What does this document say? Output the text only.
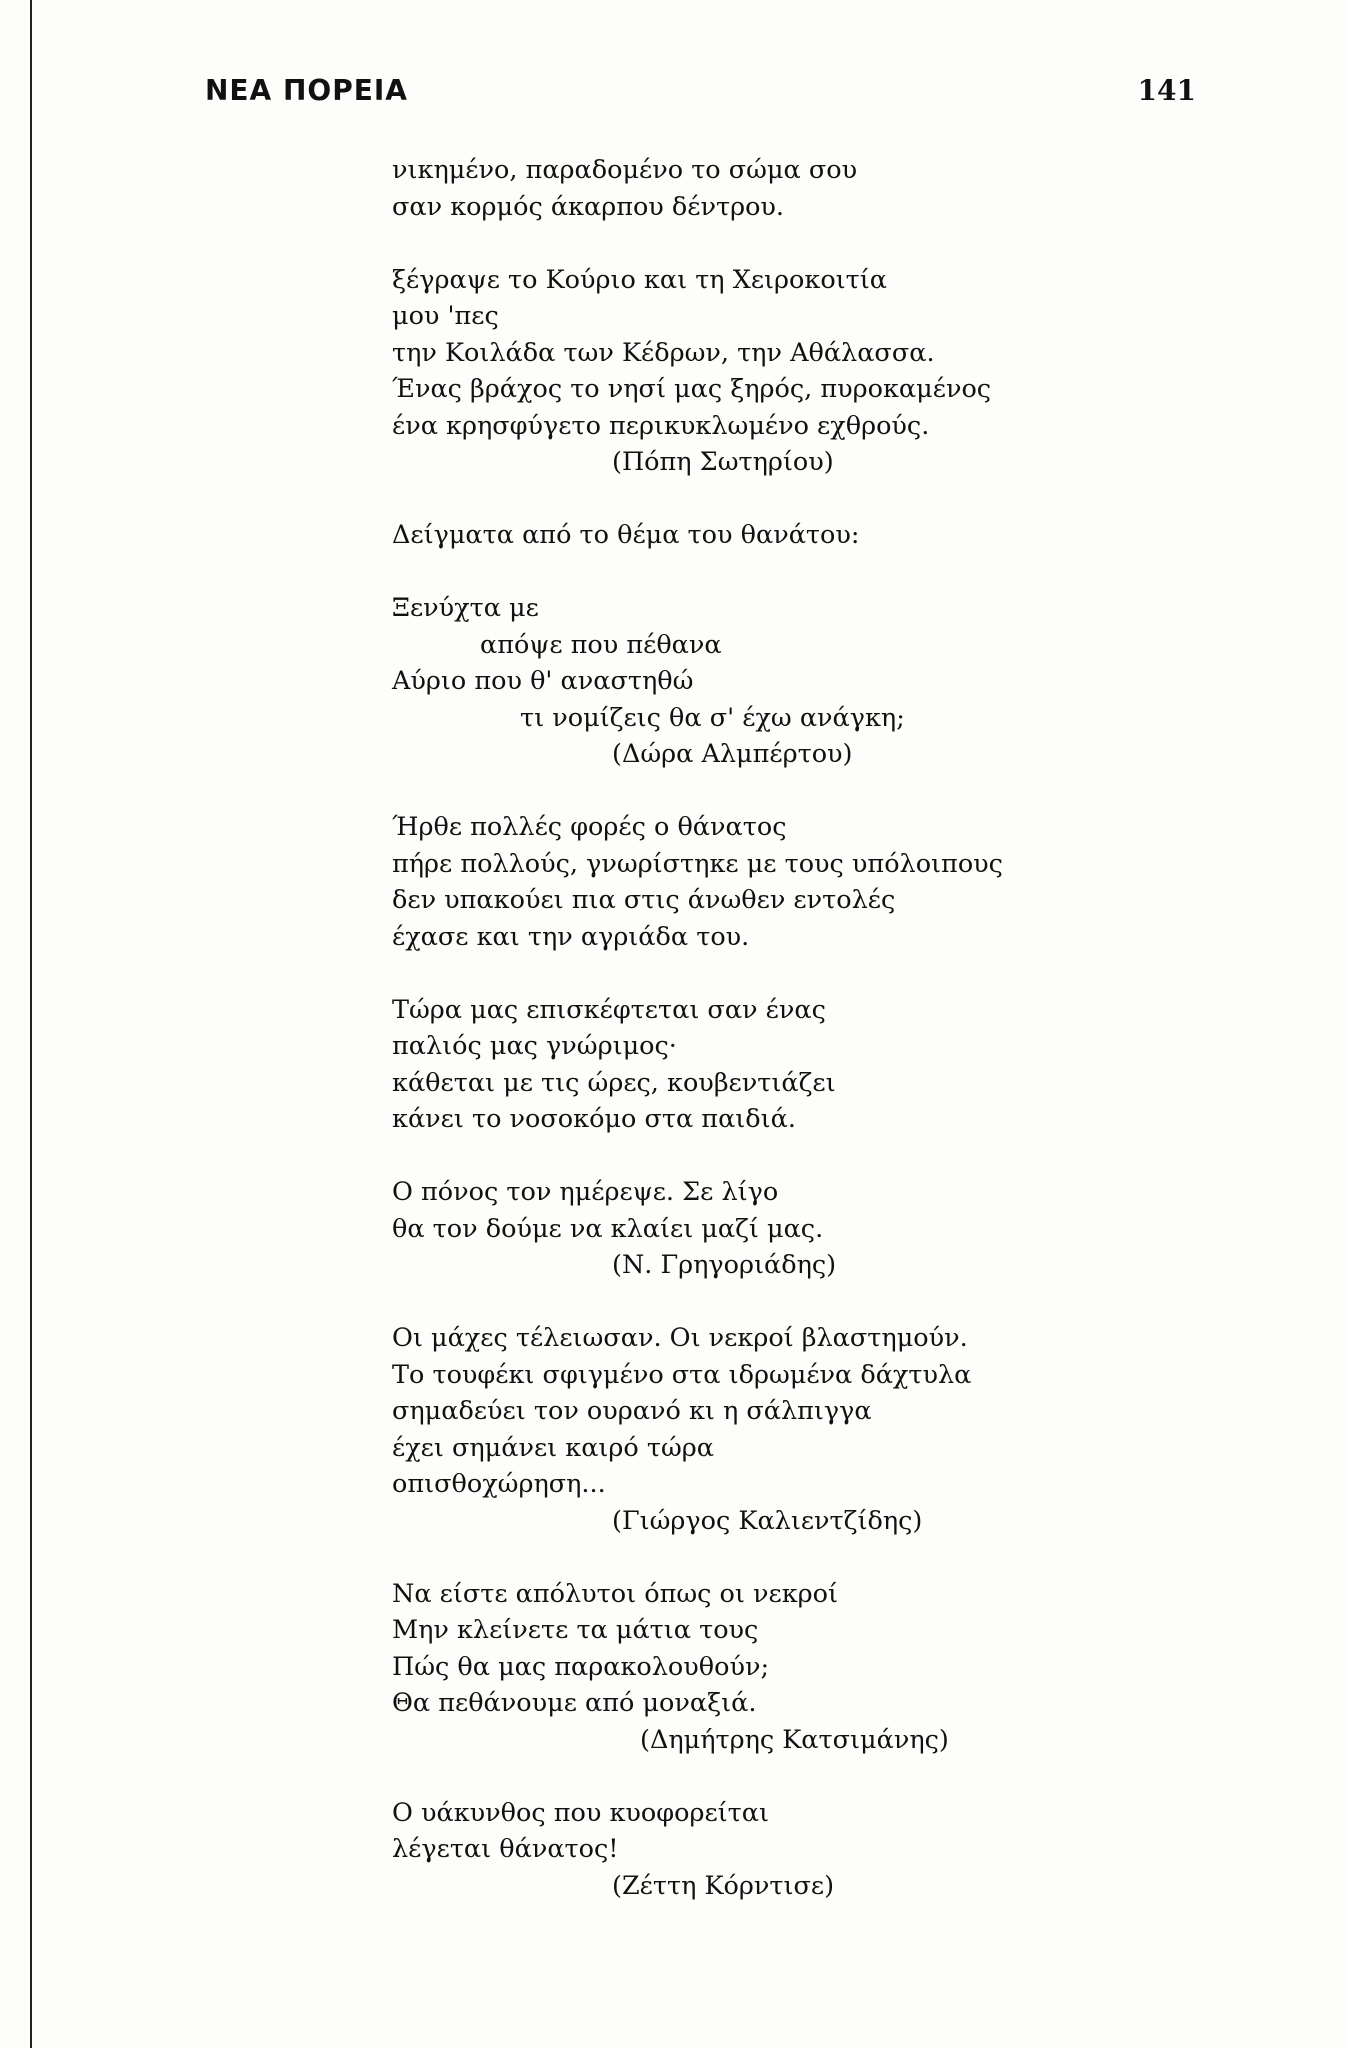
ΝΕΑ ΠΟΡΕΙΑ	141
νικημένο, παραδομένο το σώμα σου
σαν κορμός άκαρπου δέντρου.
ξέγραψε το Κούριο και τη Χειροκοιτία
μου 'πες
την Κοιλάδα των Κέδρων, την Αθάλασσα.
Ένας βράχος το νησί μας ξηρός, πυροκαμένος
ένα κρησφύγετο περικυκλωμένο εχθρούς.
(Πόπη Σωτηρίου)
Δείγματα από το θέμα του θανάτου:
Ξενύχτα με
απόψε που πέθανα
Αύριο που θ' αναστηθώ
τι νομίζεις θα σ' έχω ανάγκη;
(Δώρα Αλμπέρτου)
Ήρθε πολλές φορές ο θάνατος
πήρε πολλούς, γνωρίστηκε με τους υπόλοιπους
δεν υπακούει πια στις άνωθεν εντολές
έχασε και την αγριάδα του.
Τώρα μας επισκέφτεται σαν ένας
παλιός μας γνώριμος·
κάθεται με τις ώρες, κουβεντιάζει
κάνει το νοσοκόμο στα παιδιά.
Ο πόνος τον ημέρεψε. Σε λίγο
θα τον δούμε να κλαίει μαζί μας.
(Ν. Γρηγοριάδης)
Οι μάχες τέλειωσαν. Οι νεκροί βλαστημούν.
Το τουφέκι σφιγμένο στα ιδρωμένα δάχτυλα
σημαδεύει τον ουρανό κι η σάλπιγγα
έχει σημάνει καιρό τώρα
οπισθοχώρηση...
(Γιώργος Καλιεντζίδης)
Να είστε απόλυτοι όπως οι νεκροί
Μην κλείνετε τα μάτια τους
Πώς θα μας παρακολουθούν;
Θα πεθάνουμε από μοναξιά.
(Δημήτρης Κατσιμάνης)
Ο υάκυνθος που κυοφορείται
λέγεται θάνατος!
(Ζέττη Κόρντισε)
